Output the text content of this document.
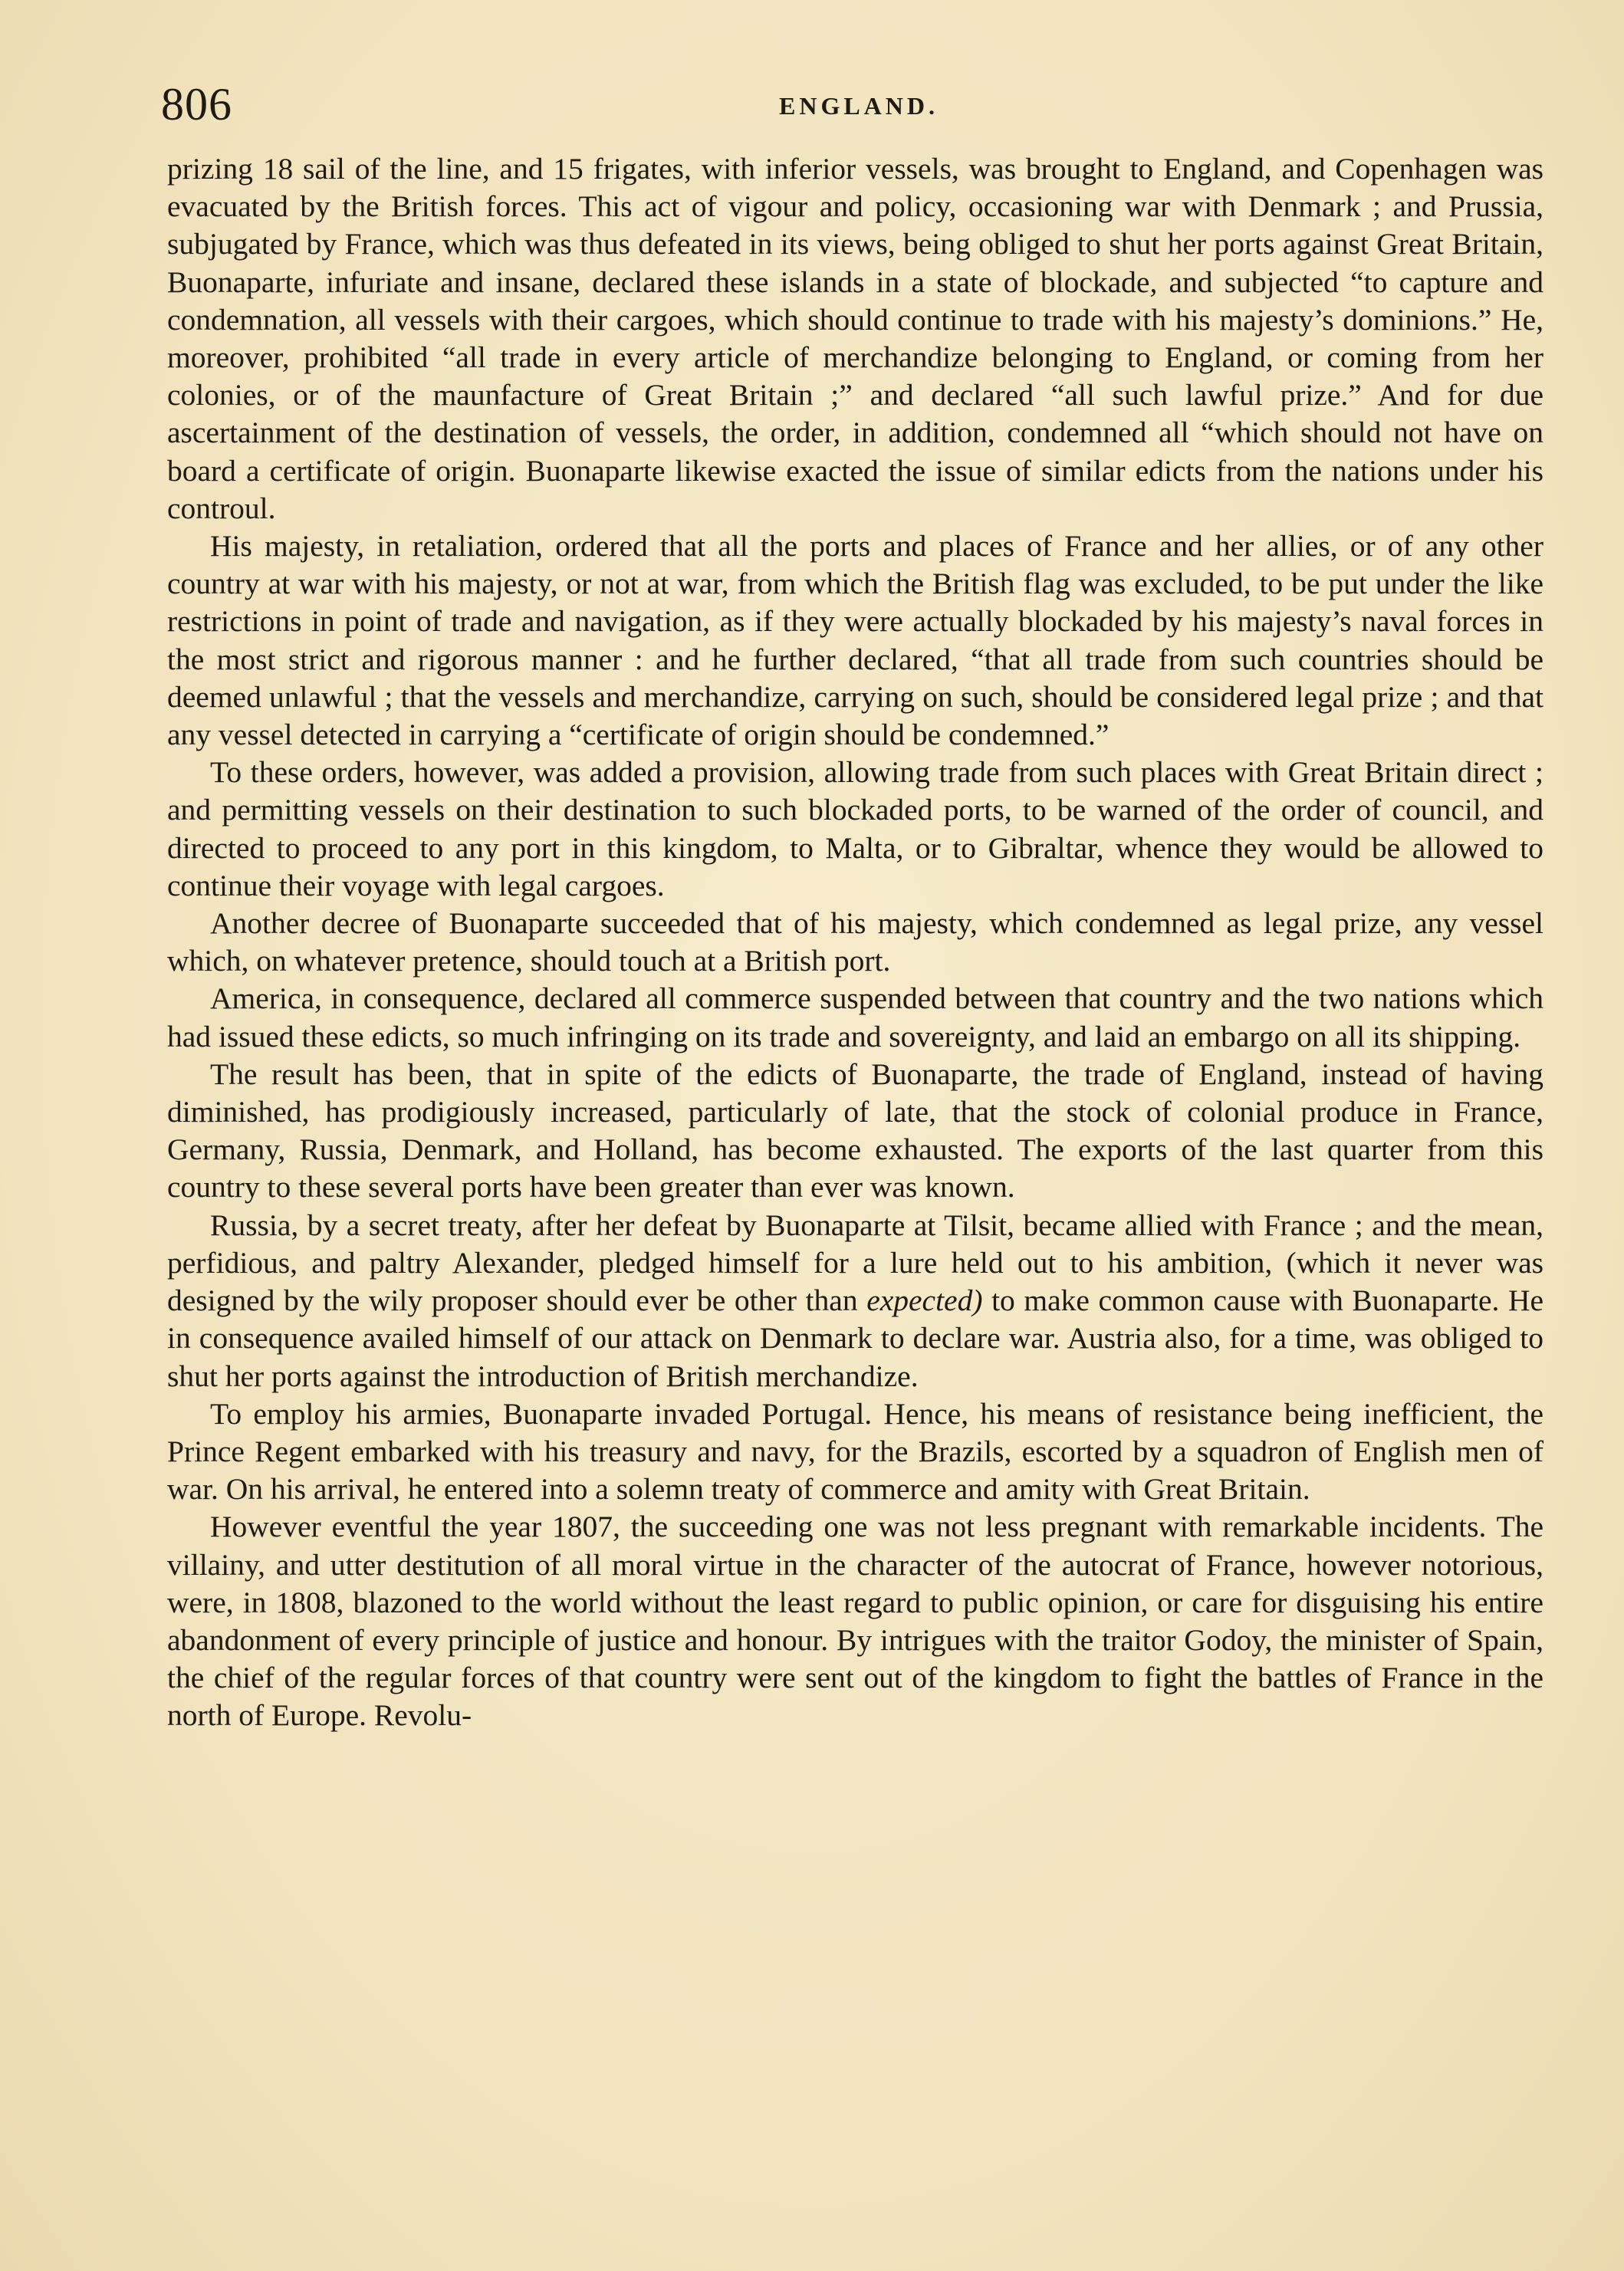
806	ENGLAND.

prizing 18 sail of the line, and 15 frigates, with inferior vessels, was brought to England, and Copenhagen was evacuated by the British forces. This act of vigour and policy, occasioning war with Denmark ; and Prussia, subjugated by France, which was thus defeated in its views, being obliged to shut her ports against Great Britain, Buonaparte, infuriate and insane, declared these islands in a state of blockade, and subjected “to capture and condemnation, all vessels with their cargoes, which should continue to trade with his majesty’s dominions.” He, moreover, prohibited “all trade in every article of merchandize belonging to England, or coming from her colonies, or of the maunfacture of Great Britain ;” and declared “all such lawful prize.” And for due ascertainment of the destination of vessels, the order, in addition, condemned all “which should not have on board a certificate of origin. Buonaparte likewise exacted the issue of similar edicts from the nations under his controul.

His majesty, in retaliation, ordered that all the ports and places of France and her allies, or of any other country at war with his majesty, or not at war, from which the British flag was excluded, to be put under the like restrictions in point of trade and navigation, as if they were actually blockaded by his majesty’s naval forces in the most strict and rigorous manner : and he further declared, “that all trade from such countries should be deemed unlawful ; that the vessels and merchandize, carrying on such, should be considered legal prize ; and that any vessel detected in carrying a “certificate of origin should be condemned.”

To these orders, however, was added a provision, allowing trade from such places with Great Britain direct ; and permitting vessels on their destination to such blockaded ports, to be warned of the order of council, and directed to proceed to any port in this kingdom, to Malta, or to Gibraltar, whence they would be allowed to continue their voyage with legal cargoes.

Another decree of Buonaparte succeeded that of his majesty, which condemned as legal prize, any vessel which, on whatever pretence, should touch at a British port.

America, in consequence, declared all commerce suspended between that country and the two nations which had issued these edicts, so much infringing on its trade and sovereignty, and laid an embargo on all its shipping.

The result has been, that in spite of the edicts of Buonaparte, the trade of England, instead of having diminished, has prodigiously increased, particularly of late, that the stock of colonial produce in France, Germany, Russia, Denmark, and Holland, has become exhausted. The exports of the last quarter from this country to these several ports have been greater than ever was known.

Russia, by a secret treaty, after her defeat by Buonaparte at Tilsit, became allied with France ; and the mean, perfidious, and paltry Alexander, pledged himself for a lure held out to his ambition, (which it never was designed by the wily proposer should ever be other than expected) to make common cause with Buonaparte. He in consequence availed himself of our attack on Denmark to declare war. Austria also, for a time, was obliged to shut her ports against the introduction of British merchandize.

To employ his armies, Buonaparte invaded Portugal. Hence, his means of resistance being inefficient, the Prince Regent embarked with his treasury and navy, for the Brazils, escorted by a squadron of English men of war. On his arrival, he entered into a solemn treaty of commerce and amity with Great Britain.

However eventful the year 1807, the succeeding one was not less pregnant with remarkable incidents. The villainy, and utter destitution of all moral virtue in the character of the autocrat of France, however notorious, were, in 1808, blazoned to the world without the least regard to public opinion, or care for disguising his entire abandonment of every principle of justice and honour. By intrigues with the traitor Godoy, the minister of Spain, the chief of the regular forces of that country were sent out of the kingdom to fight the battles of France in the north of Europe. Revolu-
